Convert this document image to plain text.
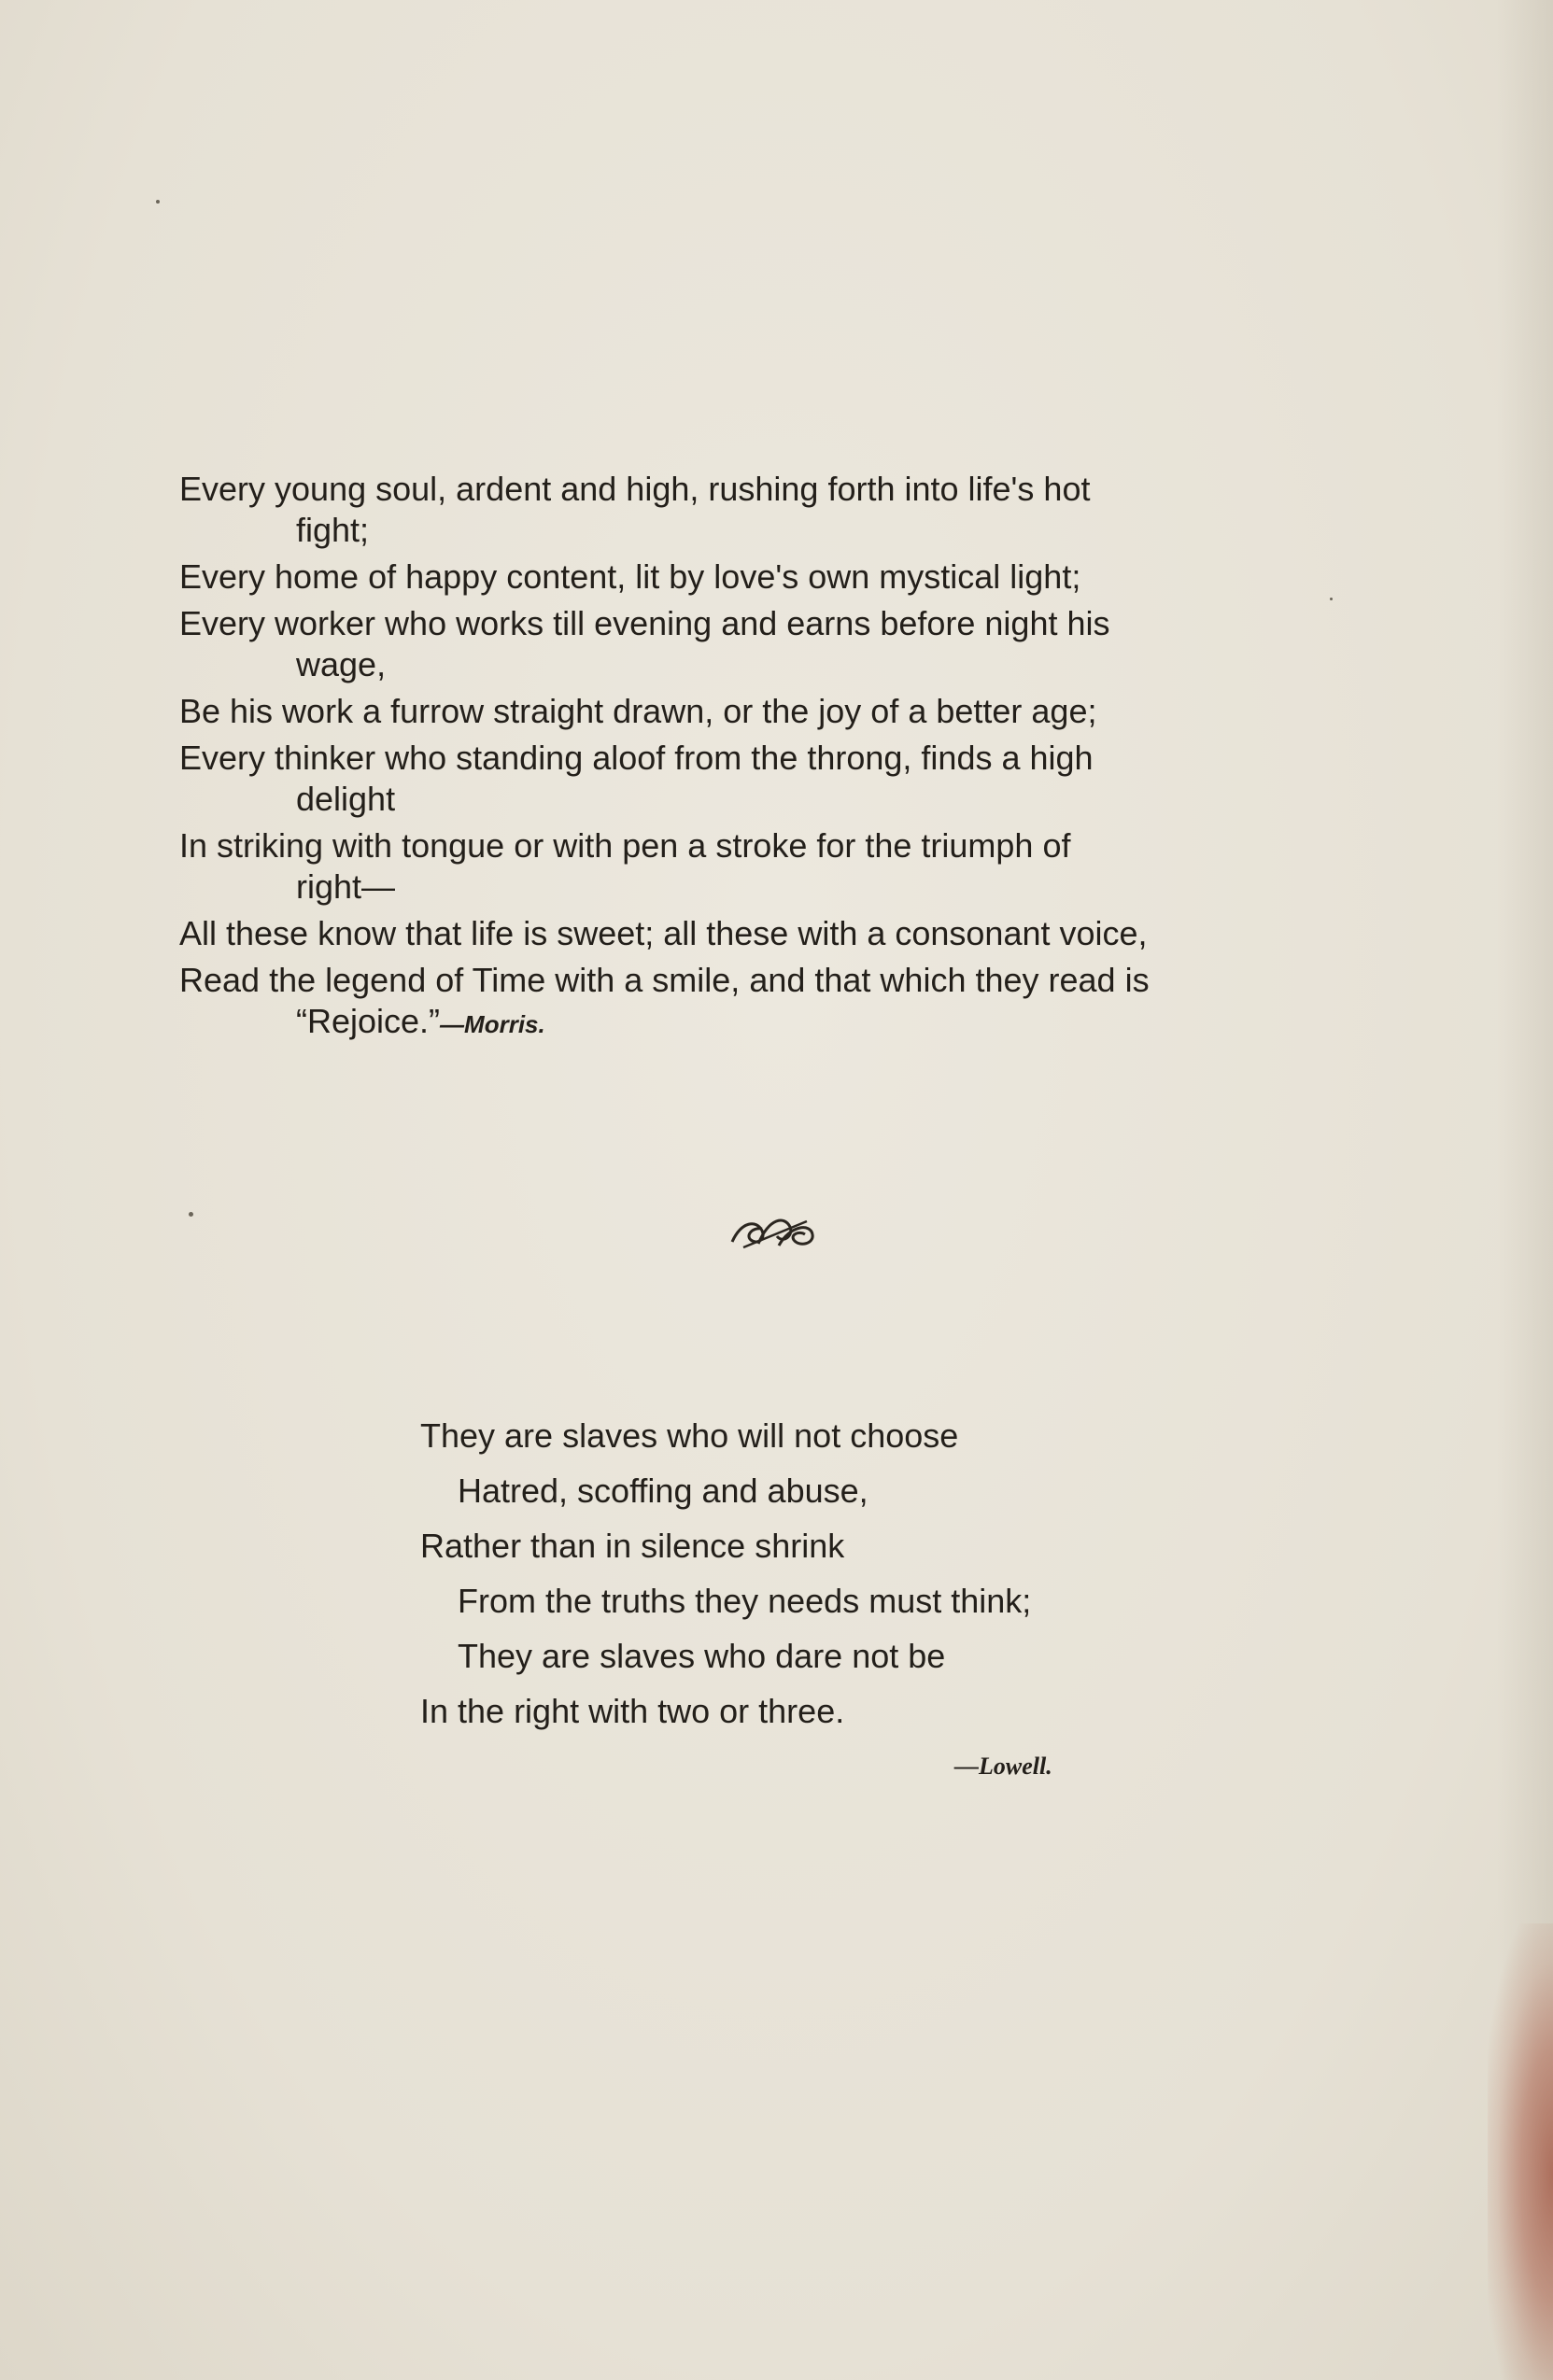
Every young soul, ardent and high, rushing forth into life's hot
fight;

Every home of happy content, lit by love's own mystical light;

Every worker who works till evening and earns before night his
wage,

Be his work a furrow straight drawn, or the joy of a better age;

Every thinker who standing aloof from the throng, finds a high
delight

In striking with tongue or with pen a stroke for the triumph of
right—

All these know that life is sweet; all these with a consonant voice,

Read the legend of Time with a smile, and that which they read is
“Rejoice.”—Morris.

They are slaves who will not choose
Hatred, scoffing and abuse,
Rather than in silence shrink
From the truths they needs must think;
They are slaves who dare not be
In the right with two or three.
—Lowell.
